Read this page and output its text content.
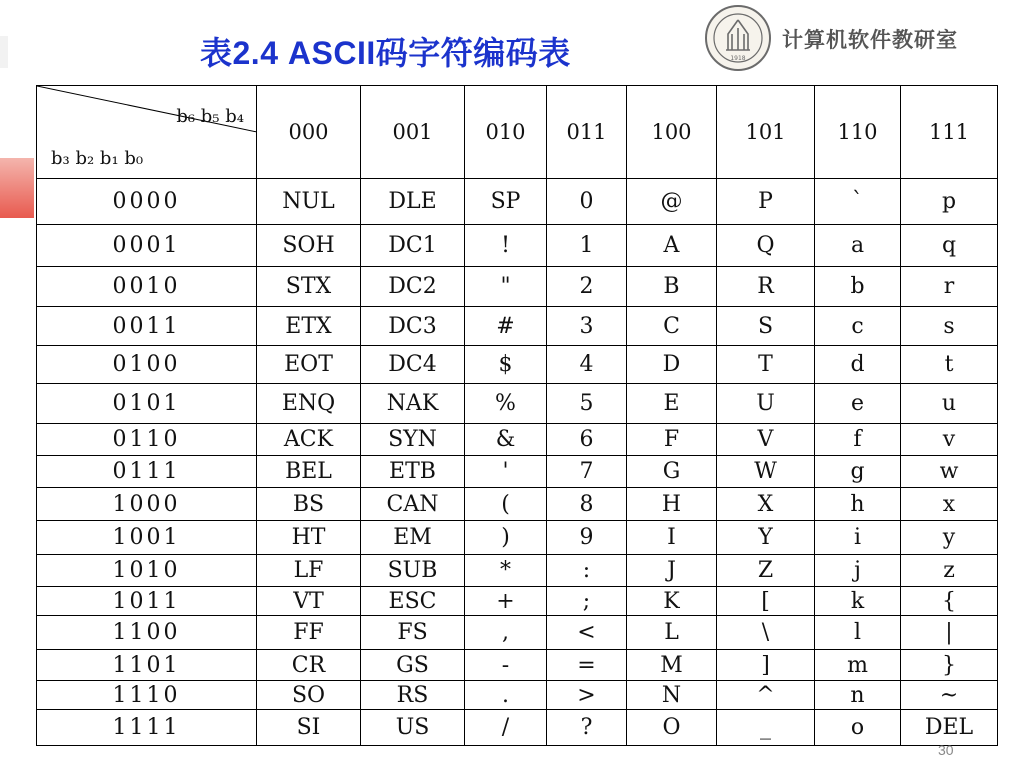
表2.4 ASCII码字符编码表	1918
计算机软件教研室
b₆ b₅ b₄
b₃ b₂ b₁ b₀	000	001	010	011	100	101	110	111
0000	NUL	DLE	SP	0	@	P	`	p
0001	SOH	DC1	!	1	A	Q	a	q
0010	STX	DC2	"	2	B	R	b	r
0011	ETX	DC3	#	3	C	S	c	s
0100	EOT	DC4	$	4	D	T	d	t
0101	ENQ	NAK	%	5	E	U	e	u
0110	ACK	SYN	&	6	F	V	f	v
0111	BEL	ETB	'	7	G	W	g	w
1000	BS	CAN	(	8	H	X	h	x
1001	HT	EM	)	9	I	Y	i	y
1010	LF	SUB	*	:	J	Z	j	z
1011	VT	ESC	+	;	K	[	k	{
1100	FF	FS	,	<	L	\	l	|
1101	CR	GS	-	=	M	]	m	}
1110	SO	RS	.	>	N	^	n	~
1111	SI	US	/	?	O	_	o	DEL
30
